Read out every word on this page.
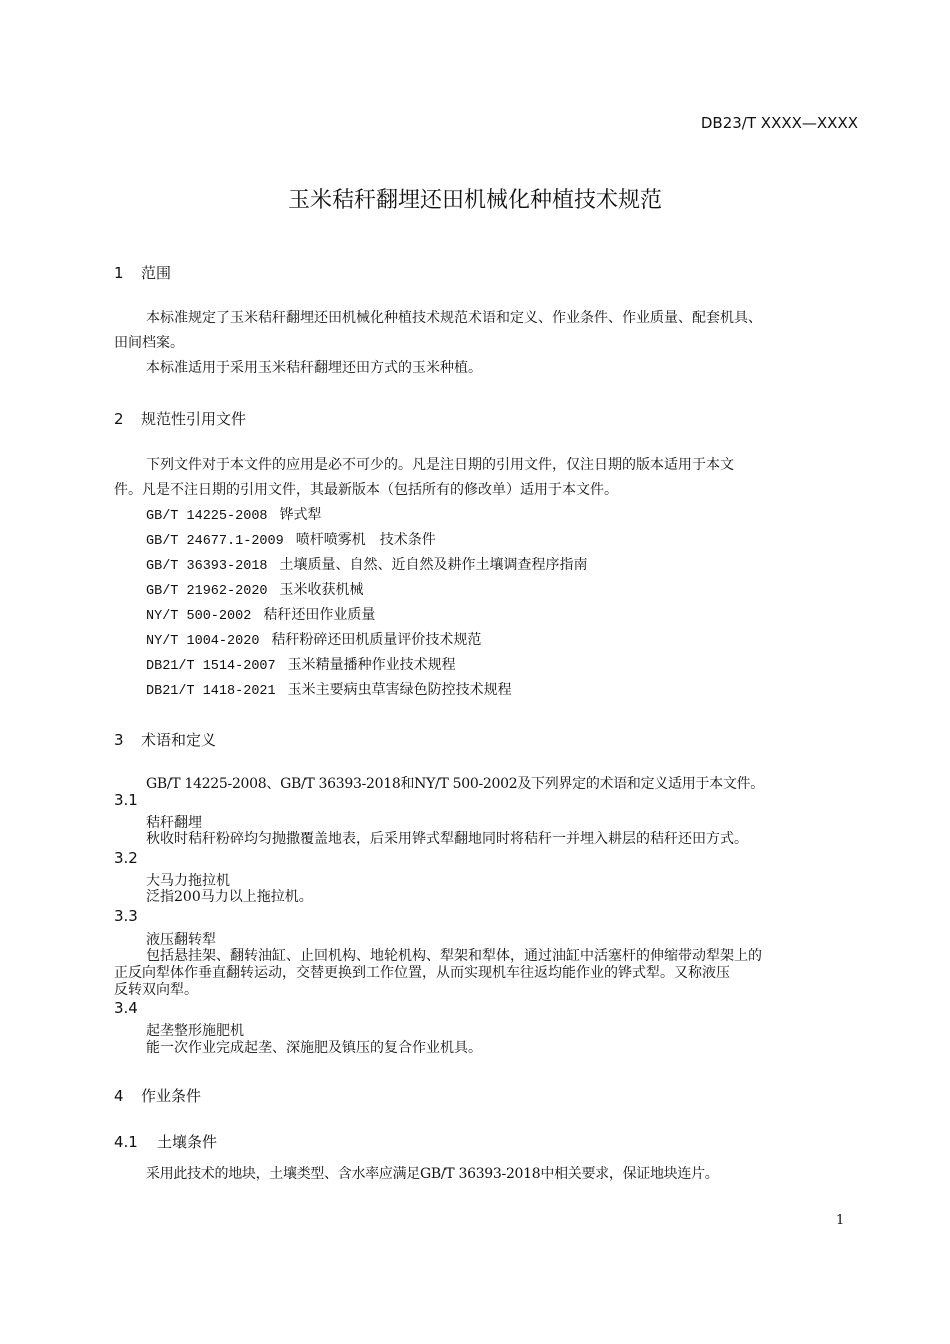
DB23/T XXXX—XXXX
玉米秸秆翻埋还田机械化种植技术规范
1 范围
本标准规定了玉米秸秆翻埋还田机械化种植技术规范术语和定义、作业条件、作业质量、配套机具、
田间档案。
本标准适用于采用玉米秸秆翻埋还田方式的玉米种植。
2 规范性引用文件
下列文件对于本文件的应用是必不可少的。凡是注日期的引用文件，仅注日期的版本适用于本文
件。凡是不注日期的引用文件，其最新版本（包括所有的修改单）适用于本文件。
GB/T 14225-2008 铧式犁
GB/T 24677.1-2009 喷杆喷雾机　技术条件
GB/T 36393-2018 土壤质量、自然、近自然及耕作土壤调查程序指南
GB/T 21962-2020 玉米收获机械
NY/T 500-2002 秸秆还田作业质量
NY/T 1004-2020 秸秆粉碎还田机质量评价技术规范
DB21/T 1514-2007 玉米精量播种作业技术规程
DB21/T 1418-2021 玉米主要病虫草害绿色防控技术规程
3 术语和定义
GB/T 14225-2008、GB/T 36393-2018和NY/T 500-2002及下列界定的术语和定义适用于本文件。
3.1
秸秆翻埋
秋收时秸秆粉碎均匀抛撒覆盖地表，后采用铧式犁翻地同时将秸秆一并埋入耕层的秸秆还田方式。
3.2
大马力拖拉机
泛指200马力以上拖拉机。
3.3
液压翻转犁
包括悬挂架、翻转油缸、止回机构、地轮机构、犁架和犁体，通过油缸中活塞杆的伸缩带动犁架上的
正反向犁体作垂直翻转运动，交替更换到工作位置，从而实现机车往返均能作业的铧式犁。又称液压
反转双向犁。
3.4
起垄整形施肥机
能一次作业完成起垄、深施肥及镇压的复合作业机具。
4 作业条件
4.1 土壤条件
采用此技术的地块，土壤类型、含水率应满足GB/T 36393-2018中相关要求，保证地块连片。
1
